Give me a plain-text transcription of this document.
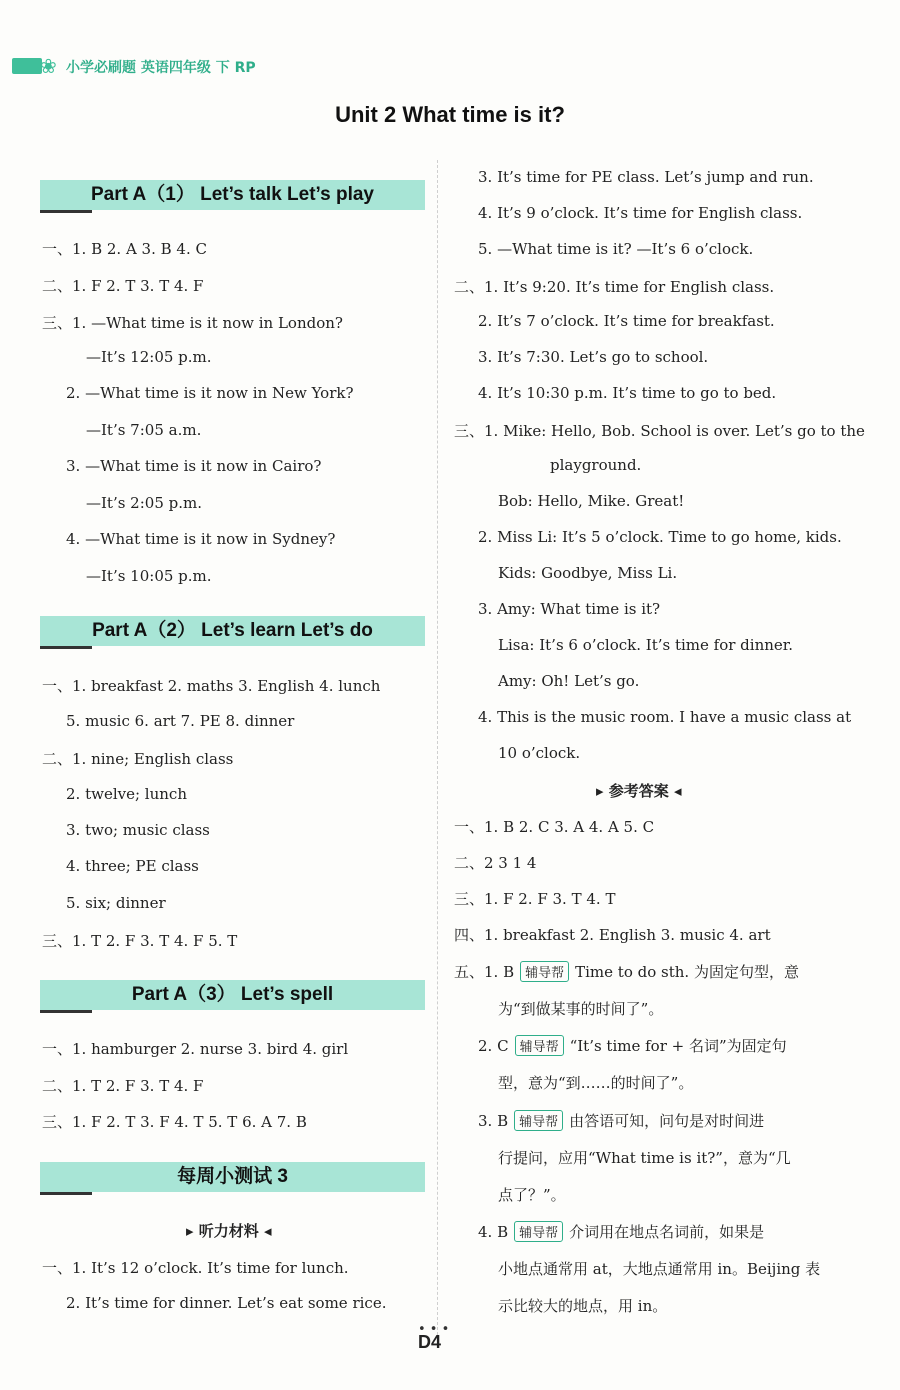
❀ 小学必刷题 英语四年级 下 RP
Unit 2 What time is it?
Part A（1） Let’s talk Let’s play
一、1. B 2. A 3. B 4. C
二、1. F 2. T 3. T 4. F
三、1. —What time is it now in London?
—It’s 12:05 p.m.
2. —What time is it now in New York?
—It’s 7:05 a.m.
3. —What time is it now in Cairo?
—It’s 2:05 p.m.
4. —What time is it now in Sydney?
—It’s 10:05 p.m.
Part A（2） Let’s learn Let’s do
一、1. breakfast 2. maths 3. English 4. lunch
5. music 6. art 7. PE 8. dinner
二、1. nine; English class
2. twelve; lunch
3. two; music class
4. three; PE class
5. six; dinner
三、1. T 2. F 3. T 4. F 5. T
Part A（3） Let’s spell
一、1. hamburger 2. nurse 3. bird 4. girl
二、1. T 2. F 3. T 4. F
三、1. F 2. T 3. F 4. T 5. T 6. A 7. B
每周小测试 3
▸ 听力材料 ◂
一、1. It’s 12 o’clock. It’s time for lunch.
2. It’s time for dinner. Let’s eat some rice.
3. It’s time for PE class. Let’s jump and run.
4. It’s 9 o’clock. It’s time for English class.
5. —What time is it? —It’s 6 o’clock.
二、1. It’s 9:20. It’s time for English class.
2. It’s 7 o’clock. It’s time for breakfast.
3. It’s 7:30. Let’s go to school.
4. It’s 10:30 p.m. It’s time to go to bed.
三、1. Mike: Hello, Bob. School is over. Let’s go to the
playground.
Bob: Hello, Mike. Great!
2. Miss Li: It’s 5 o’clock. Time to go home, kids.
Kids: Goodbye, Miss Li.
3. Amy: What time is it?
Lisa: It’s 6 o’clock. It’s time for dinner.
Amy: Oh! Let’s go.
4. This is the music room. I have a music class at
10 o’clock.
▸ 参考答案 ◂
一、1. B 2. C 3. A 4. A 5. C
二、2 3 1 4
三、1. F 2. F 3. T 4. T
四、1. breakfast 2. English 3. music 4. art
五、1. B 辅导帮 Time to do sth. 为固定句型，意
为“到做某事的时间了”。
2. C 辅导帮 “It’s time for + 名词”为固定句
型，意为“到……的时间了”。
3. B 辅导帮 由答语可知，问句是对时间进
行提问，应用“What time is it?”，意为“几
点了？”。
4. B 辅导帮 介词用在地点名词前，如果是
小地点通常用 at，大地点通常用 in。Beijing 表
示比较大的地点，用 in。
• • •
D4
